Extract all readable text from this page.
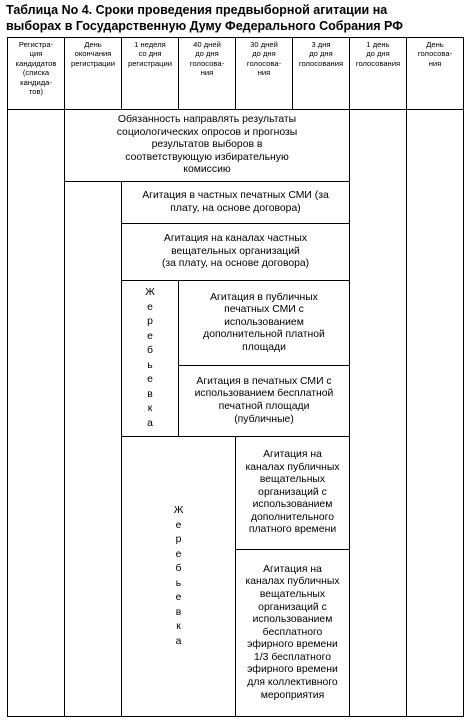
Таблица No 4. Сроки проведения предвыборной агитации на
выборах в Государственную Думу Федерального Собрания РФ
Регистра-
ция
кандидатов
(списка
кандида-
тов)
День
окончания
регистрации
1 неделя
со дня
регистрации
40 дней
до дня
голосова-
ния
30 дней
до дня
голосова-
ния
3 дня
до дня
голосования
1 день
до дня
голосования
День
голосова-
ния
Обязанность направлять результаты
социологических опросов и прогнозы
результатов выборов в
соответствующую избирательную
комиссию
Агитация в частных печатных СМИ (за
плату, на основе договора)
Агитация на каналах частных
вещательных организаций
(за плату, на основе договора)
Агитация в публичных
печатных СМИ с
использованием
дополнительной платной
площади
Агитация в печатных СМИ с
использованием бесплатной
печатной площади
(публичные)
Агитация на
каналах публичных
вещательных
организаций с
использованием
дополнительного
платного времени
Агитация на
каналах публичных
вещательных
организаций с
использованием
бесплатного
эфирного времени
1/3 бесплатного
эфирного времени
для коллективного
мероприятия
Ж
е
р
е
б
ь
е
в
к
а
Ж
е
р
е
б
ь
е
в
к
а
